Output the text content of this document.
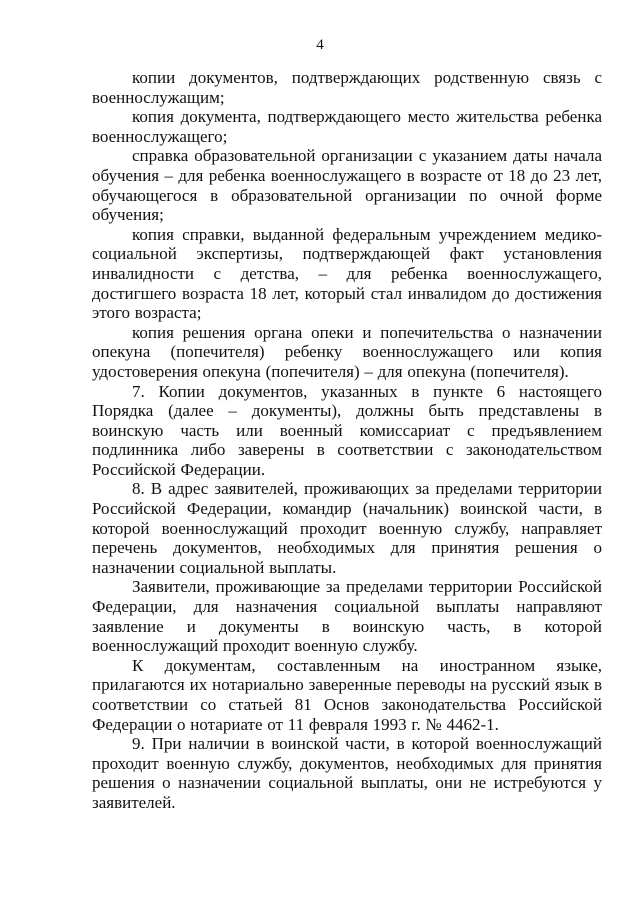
4

копии документов, подтверждающих родственную связь с военнослужащим;

копия документа, подтверждающего место жительства ребенка военнослужащего;

справка образовательной организации с указанием даты начала обучения – для ребенка военнослужащего в возрасте от 18 до 23 лет, обучающегося в образовательной организации по очной форме обучения;

копия справки, выданной федеральным учреждением медико-социальной экспертизы, подтверждающей факт установления инвалидности с детства, – для ребенка военнослужащего, достигшего возраста 18 лет, который стал инвалидом до достижения этого возраста;

копия решения органа опеки и попечительства о назначении опекуна (попечителя) ребенку военнослужащего или копия удостоверения опекуна (попечителя) – для опекуна (попечителя).

7. Копии документов, указанных в пункте 6 настоящего Порядка (далее – документы), должны быть представлены в воинскую часть или военный комиссариат с предъявлением подлинника либо заверены в соответствии с законодательством Российской Федерации.

8. В адрес заявителей, проживающих за пределами территории Российской Федерации, командир (начальник) воинской части, в которой военнослужащий проходит военную службу, направляет перечень документов, необходимых для принятия решения о назначении социальной выплаты.

Заявители, проживающие за пределами территории Российской Федерации, для назначения социальной выплаты направляют заявление и документы в воинскую часть, в которой военнослужащий проходит военную службу.

К документам, составленным на иностранном языке, прилагаются их нотариально заверенные переводы на русский язык в соответствии со статьей 81 Основ законодательства Российской Федерации о нотариате от 11 февраля 1993 г. № 4462-1.

9. При наличии в воинской части, в которой военнослужащий проходит военную службу, документов, необходимых для принятия решения о назначении социальной выплаты, они не истребуются у заявителей.
